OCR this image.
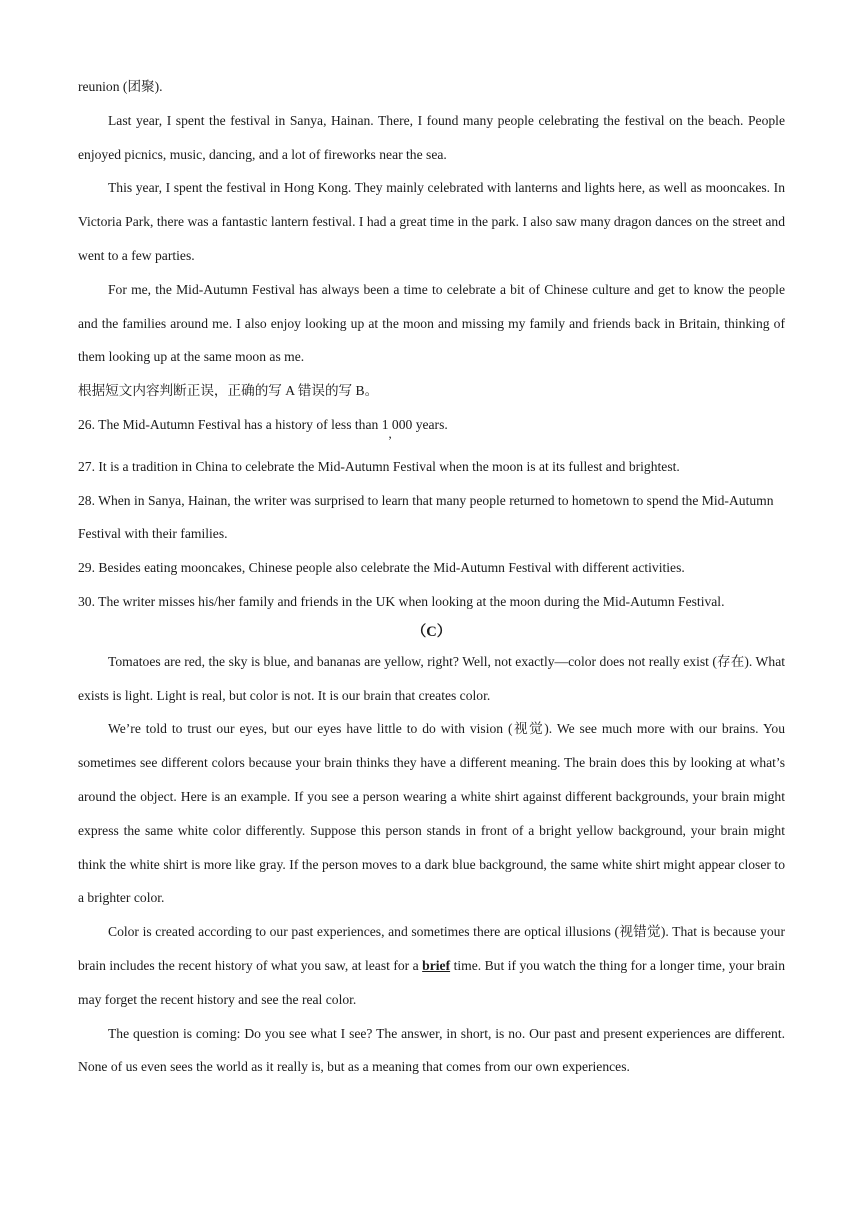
reunion (团聚).

Last year, I spent the festival in Sanya, Hainan. There, I found many people celebrating the festival on the beach. People enjoyed picnics, music, dancing, and a lot of fireworks near the sea.

This year, I spent the festival in Hong Kong. They mainly celebrated with lanterns and lights here, as well as mooncakes. In Victoria Park, there was a fantastic lantern festival. I had a great time in the park. I also saw many dragon dances on the street and went to a few parties.

For me, the Mid-Autumn Festival has always been a time to celebrate a bit of Chinese culture and get to know the people and the families around me. I also enjoy looking up at the moon and missing my family and friends back in Britain, thinking of them looking up at the same moon as me.

根据短文内容判断正误，正确的写 A 错误的写 B。

26. The Mid-Autumn Festival has a history of less than 1
,
000 years.

27. It is a tradition in China to celebrate the Mid-Autumn Festival when the moon is at its fullest and brightest.

28. When in Sanya, Hainan, the writer was surprised to learn that many people returned to hometown to spend the Mid-Autumn Festival with their families.

29. Besides eating mooncakes, Chinese people also celebrate the Mid-Autumn Festival with different activities.

30. The writer misses his/her family and friends in the UK when looking at the moon during the Mid-Autumn Festival.

（C）

Tomatoes are red, the sky is blue, and bananas are yellow, right? Well, not exactly—color does not really exist (存在). What exists is light. Light is real, but color is not. It is our brain that creates color.

We’re told to trust our eyes, but our eyes have little to do with vision (视觉). We see much more with our brains. You sometimes see different colors because your brain thinks they have a different meaning. The brain does this by looking at what’s around the object. Here is an example. If you see a person wearing a white shirt against different backgrounds, your brain might express the same white color differently. Suppose this person stands in front of a bright yellow background, your brain might think the white shirt is more like gray. If the person moves to a dark blue background, the same white shirt might appear closer to a brighter color.

Color is created according to our past experiences, and sometimes there are optical illusions (视错觉). That is because your brain includes the recent history of what you saw, at least for a brief time. But if you watch the thing for a longer time, your brain may forget the recent history and see the real color.

The question is coming: Do you see what I see? The answer, in short, is no. Our past and present experiences are different. None of us even sees the world as it really is, but as a meaning that comes from our own experiences.
